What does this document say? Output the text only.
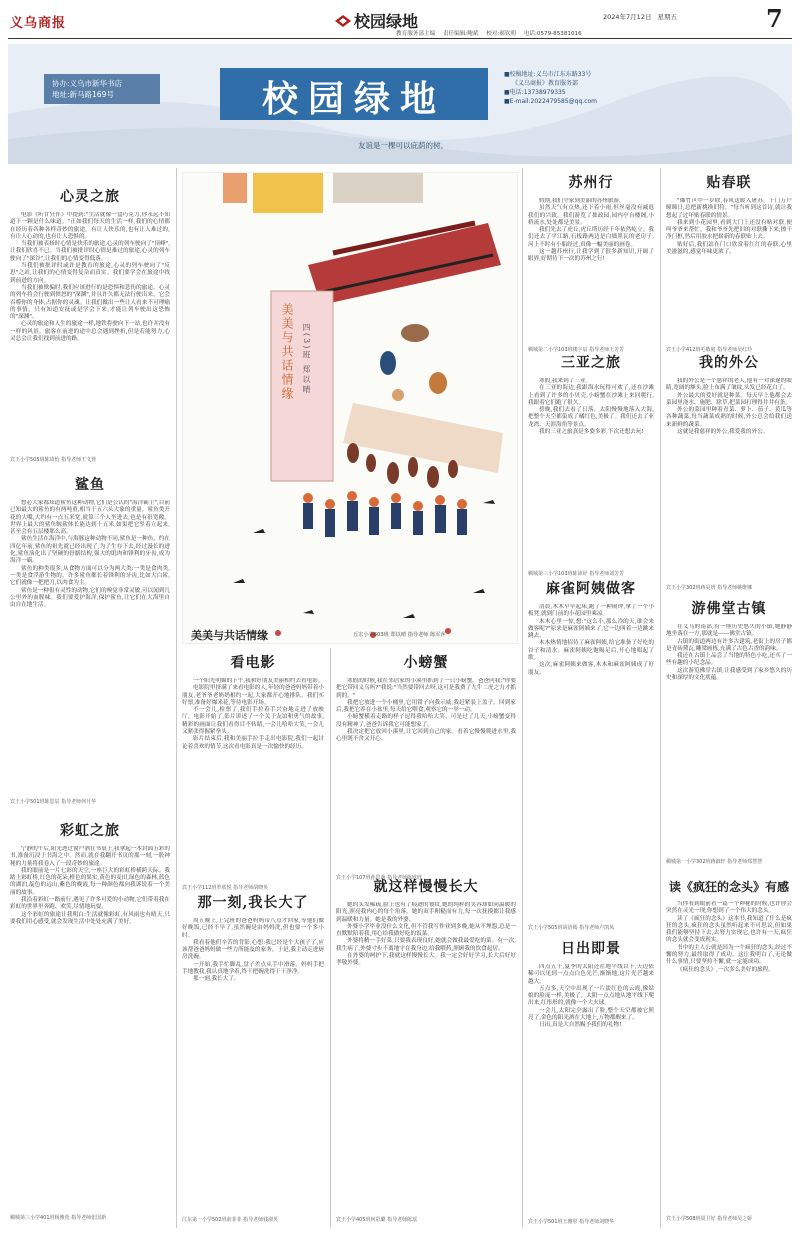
义乌商报	校园绿地	2024年7月12日 星期五	7
教育服务部主编 责任编辑:鲍斌 校对:郝钦明 电话:0579-85381016
协办:义乌市新华书店
地址:新马路169号	校园绿地
■校稿地址:义乌市江东东路33号
《义乌商报》教育服务部
■电话:13738979335
■E-mail:2022479585@qq.com
友谊是一棵可以庇荫的树。
美美与共话情缘 四(3)班 郑以晴
美美与共话情缘	丘宏小学603班 郑以晴 指导老师 陈军萍
心灵之旅

电影《听甘狂伴》中提到:"生活就像一盒巧克力,你永远不知道下一颗是什么味道。"正如我们每天的生活一样,我们的心情都在经历着各种各样奇妙的旅途。有让人快乐的,也有让人难过的,有让人心动的,也有让人恐惧的。

当我们被表扬时心情是快乐的旅途,心灵的列车驶向了"顶峰",让我们欣喜不已。当我们被批评时心情是难过的旅途,心灵的列车驶向了"深谷",让我们的心情变得低落。

当我们被批评时或许是教育的旅途,心灵的列车驶向了"反思"之站,让我们的心情变得复杂而真实。我们要学会在旅途中找到前进的方向。

当我们被欺骗时,我们应该进行的是恐惧和悲伤的旅途。心灵的列车将会行驶到愤怒的"深渊",并且许久都无法行驶出来。它会吞噬你的身体,占据你的灵魂。让我们做出一些让人看来不可理喻的事情。只有知道安抚或是学会下来,才能让列车驶出这恐怖的"深渊"。

心灵的旅途和人生的旅途一样,地铁将驶向下一站,也许并没有一样的风景。旅客在前进的途中总会遇到挫折,但是若能努力,心灵总会让我们找到前进的路。

宾王小学505班陈琦怡 指导老师王文蓉
鲨鱼

想必大家都知道鲨鱼这种动物,它们是公认的"海洋霸主",目前已知最大的鲨鱼的有两吨重,相当于五六头大象的重量。鲨鱼类开花的大嘴,大约有一点五米宽,就算三个人坐进去,也是有很宽敞。世界上最大的鲨鱼鲸鲨体长能达到十五米,如果把它竖着立起来,甚至会有五层楼那么高。

鲨鱼生活在海洋中,与海豚这种动物不同,鲨鱼是一种鱼。约在四亿年前,鲨鱼的祖先就已经出现了,为了生存下去,经过漫长的进化,鲨鱼演化出了坚硬的骨骼结构,强大的肌肉和锋利的牙齿,成为海洋一霸。

鲨鱼的种类很多,从食物方面可以分为两大类:一类是食肉类,一类是食浮游生物的。许多鲨鱼都长着锋利的牙齿,比如大白鲨,它们就像一把把刀,以肉食为主。

鲨鱼是一种很有灵性的动物,它们的嗅觉非常灵敏,可以闻到几公里外的血腥味。我们要爱护海洋,保护鲨鱼,让它们在大海里自由自在地生活。

宾王小学501班陈思辰 指导老师何月华
彩虹之旅

宁静的午后,阳光透过窗户洒在书桌上,我拿起一本封面五彩的书,准备沉浸于书海之中。然而,就在我翻开书页的那一刻,一股神秘的力量将我卷入了一段奇妙的旅途。

我的眼前是一片七彩的天空,一座巨大的彩虹桥横跨天际。我踏上彩虹桥,红色的花朵,橙色的果实,黄色的麦田,绿色的森林,蓝色的湖泊,靛色的远山,紫色的晚霞,每一种颜色都向我诉说着一个美丽的故事。

我沿着彩虹一路前行,遇见了许多可爱的小动物,它们带着我在彩虹的世界里奔跑、欢笑,尽情地玩耍。

这个彩虹的旅途让我明白:生活就像彩虹,有风雨也有晴天,只要我们用心感受,就会发现生活中处处充满了美好。

稠城第三小学401班杨雅萱 指导老师张国新
看电影

一个阳光明媚的下午,我和好朋友美丽相约去看电影。

电影院里挤满了来看电影的人,年轻的爸爸妈妈带着小朋友,老爷爷老奶奶相约一起,大家都开心地排队。我们买好票,准备好爆米花,等待电影开场。

不一会儿,检票了,我们手拉着手兴奋地走进了放映厅。电影开始了,影片讲述了一个关于友谊和勇气的故事,精彩的画面让我们看得目不转睛,一会儿哈哈大笑,一会儿又紧张得握紧拳头。

影片结束后,我和美丽手拉手走出电影院,我们一起讨论着喜欢的情节,这次看电影真是一次愉快的经历。

宾王小学112班罗欣悦 指导老师胡晓英
那一刻,我长大了

周五晚上,上完班的爸爸妈妈带八点才回家,等他们做好晚饭,已经不早了,虽然碗是由妈妈洗,但也要一个多小时。

我看着他们辛苦的背影,心想:我已经是个大孩子了,应该帮爸爸妈妈做一些力所能及的家务。于是,我主动走进厨房洗碗。

一开始,我手忙脚乱,盘子差点从手中滑落。妈妈手把手地教我,我认真地学着,终于把碗洗得干干净净。

那一刻,我长大了。

江东第一小学502班俞菲菲 指导老师钱淑英
小螃蟹

寒假的时候,我在邻居家的小溪里抓到了一只小螃蟹。爸爸问我:"你要把它带回义乌吗?"我说:"当然要带回去呀,这可是我费了九牛二虎之力才抓到的。"

我把它放进一个小桶里,它用钳子向我示威,我赶紧装上盖子。回到家后,我把它养在小盆里,每天给它喂食,观察它的一举一动。

小螃蟹横着走路的样子逗得我哈哈大笑。可是过了几天,小螃蟹变得没有精神了,爸爸告诉我它可能想家了。

我决定把它放回小溪里,让它回到自己的家。看着它慢慢爬进水里,我心里既不舍又开心。

宾王小学107班孙思萌 指导老师陈欣欣
就这样慢慢长大

她的头发稀疏,脸上也有了痕迹的皱纹,她的纯粹的笑容却如同温暖的阳光,照亮我内心的每个角落。她的双手粗糙而有力,每一次抚摸都让我感到温暖和力量。她是我的外婆。

外婆小学毕业没什么文化,但不管我写作业到多晚,她从不埋怨,总是一直默默陪着我,用心给我做好吃的饭菜。

外婆将精一手好菜,只要我表现良好,她就会做我最爱吃的菜。有一次,我生病了,外婆寸步不离地守在我身边,给我喂药,照顾我的饮食起居。

在外婆的呵护下,我就这样慢慢长大。我一定会好好学习,长大后好好孝敬外婆。

宾王小学405班何彩璐 指导老师陈瑶
苏州行

假期,我们全家到美丽的苏州旅游。

虽然天气有点热,还下着小雨,但丝毫没有减退我们的兴致。我们游览了拙政园,园内亭台楼阁,小桥流水,处处都是美景。

我们先去了虎丘,虎丘塔历经千年依然屹立。我们还去了平江路,石板路两边是白墙黑瓦的老房子,河上不时有小船经过,真像一幅美丽的画卷。

这一趟苏州行,让我学到了很多新知识,开阔了眼界,好期待下一次的苏州之行!

稠城第二小学103班楼宇辰 指导老师王芳芳
三亚之旅

寒假,我来到了三亚。

在三亚的海边,我跟海水玩得可欢了,还在沙滩上看到了许多的小贝壳,小螃蟹在沙滩上来回爬行,我跟着它们跑了很久。

傍晚,我们去看了日落。太阳慢慢地落入大海,把整个天空都染成了橘红色,美极了。我们还去了亚龙湾、天涯海角等景点。

我的三亚之旅真是多姿多彩,下次还想去玩!

稠城第三小学103班陈沛妤 指导老师刘芳芳
麻雀阿姨做客

清晨,木木早早起床,跑了一种闹钟,拿了一个小板凳,就到门前的小花园里乘凉。

木木心里一惊,想:"这么小,那么冷的天,谁会来做客呢?"原来是麻雀阿姨来了,它一边叫着一边跳来跳去。

木木热情地招待了麻雀阿姨,给它准备了好吃的谷子和清水。麻雀阿姨吃饱喝足后,开心地唱起了歌。

这次,麻雀阿姨来做客,木木和麻雀阿姨成了好朋友。

宾王小学505班胡语嫣 指导老师卢凯凤
日出即景

四点五十,夏季的太阳还在地平线以下,天边依稀可以见到一点点白色光芒,渐渐地,这片光芒越来越大。

五点多,天空中出现了一片淡红色的云霞,像姑娘的脸庞一样,美极了。太阳一点点地从地平线下爬出来,红彤彤的,就像一个大火球。

一会儿,太阳完全露出了脸,整个天空都被它照亮了,金色的阳光洒在大地上,万物都醒来了。

日出,真是大自然赐予我们的礼物!

宾王小学501班王雅彤 指导老师刘晓华
贴春联

"爆竹声中一岁除,春风送暖入屠苏。千门万户曈曈日,总把新桃换旧符。"每当听到这首诗,就让我想起了过年贴春联的情景。

我来到小花园里,看到大门上还没有贴对联,便叫爷爷来帮忙。我和爷爷先把旧的对联撕下来,擦干净门框,然后用胶水把崭新的春联贴上去。

贴好后,我们站在门口欣赏着红红的春联,心里美滋滋的,感觉年味更浓了。

宾王小学412班毛敬庭 指导老师吴红玲
我的外公

我的外公是一个慈祥的老人,他有一对深邃的眼睛,宽阔的额头,脸上布满了皱纹,头发已经花白了。

外公最大的爱好就是种菜。每天早上他都会去菜园里浇水、施肥、除草,把菜园打理得井井有条。

外公的菜园里种着青菜、萝卜、茄子、黄瓜等各种蔬菜,每当蔬菜成熟的时候,外公总会给我们送来新鲜的蔬菜。

这就是我慈祥的外公,我爱我的外公。

宾王小学302班蒋昊妍 指导老师姚维娜
游佛堂古镇

在义乌的南部,有一座历史悠久的小镇,她静静地坐落在一方,那就是——佛堂古镇。

古镇的街道两边有许多古建筑,老街上的房子都是青砖黛瓦,雕梁画栋,充满了古色古香的韵味。

我还在古镇上品尝了当地的特色小吃,还买了一些有趣的小纪念品。

这次游览佛堂古镇,让我感受到了家乡悠久的历史和深厚的文化底蕴。

稠城第一小学302班蒋淑轩 指导老师郑慧慧
读《疯狂的念头》有感

当你看到眼前看一篇一个神秘的时候,也许你会突然在灵光一现,你想到了一个伟大的念头。

读了《疯狂的念头》这本书,我知道了什么是疯狂的念头,疯狂的念头虽然听起来不可思议,但如果我们能够坚持下去,去努力实现它,也许有一天,疯狂的念头就会变成现实。

书中的主人公就是因为一个疯狂的念头,经过不懈的努力,最终取得了成功。这让我明白了,无论做什么事情,只要坚持不懈,就一定能成功。

《疯狂的念头》,一次多么美好的旅程。

宾王小学508班周卫好 指导老师吴之娇
